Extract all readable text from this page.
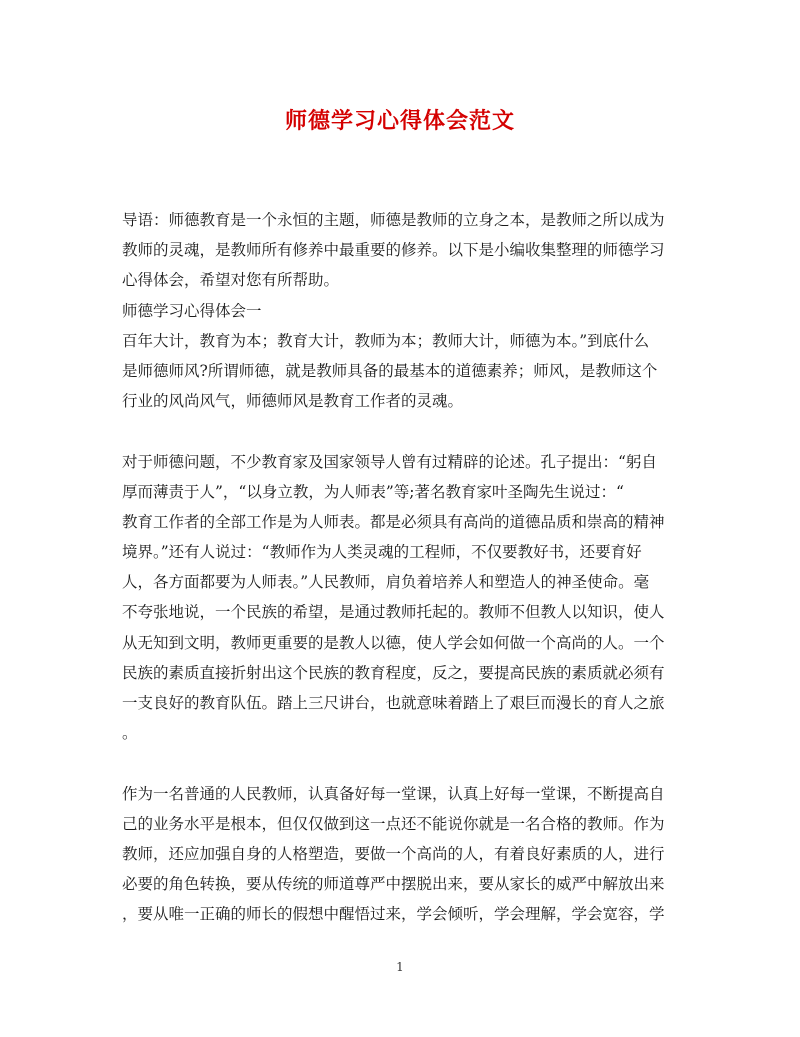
师德学习心得体会范文

导语：师德教育是一个永恒的主题，师德是教师的立身之本，是教师之所以成为

教师的灵魂，是教师所有修养中最重要的修养。以下是小编收集整理的师德学习

心得体会，希望对您有所帮助。

师德学习心得体会一

百年大计，教育为本；教育大计，教师为本；教师大计，师德为本。”到底什么

是师德师风?所谓师德，就是教师具备的最基本的道德素养；师风，是教师这个

行业的风尚风气，师德师风是教育工作者的灵魂。

对于师德问题，不少教育家及国家领导人曾有过精辟的论述。孔子提出：“躬自

厚而薄责于人”，“以身立教，为人师表”等;著名教育家叶圣陶先生说过：“

教育工作者的全部工作是为人师表。都是必须具有高尚的道德品质和崇高的精神

境界。”还有人说过：“教师作为人类灵魂的工程师，不仅要教好书，还要育好

人，各方面都要为人师表。”人民教师，肩负着培养人和塑造人的神圣使命。毫

不夸张地说，一个民族的希望，是通过教师托起的。教师不但教人以知识，使人

从无知到文明，教师更重要的是教人以德，使人学会如何做一个高尚的人。一个

民族的素质直接折射出这个民族的教育程度，反之，要提高民族的素质就必须有

一支良好的教育队伍。踏上三尺讲台，也就意味着踏上了艰巨而漫长的育人之旅

。

作为一名普通的人民教师，认真备好每一堂课，认真上好每一堂课，不断提高自

己的业务水平是根本，但仅仅做到这一点还不能说你就是一名合格的教师。作为

教师，还应加强自身的人格塑造，要做一个高尚的人，有着良好素质的人，进行

必要的角色转换，要从传统的师道尊严中摆脱出来，要从家长的威严中解放出来

，要从唯一正确的师长的假想中醒悟过来，学会倾听，学会理解，学会宽容，学

1
